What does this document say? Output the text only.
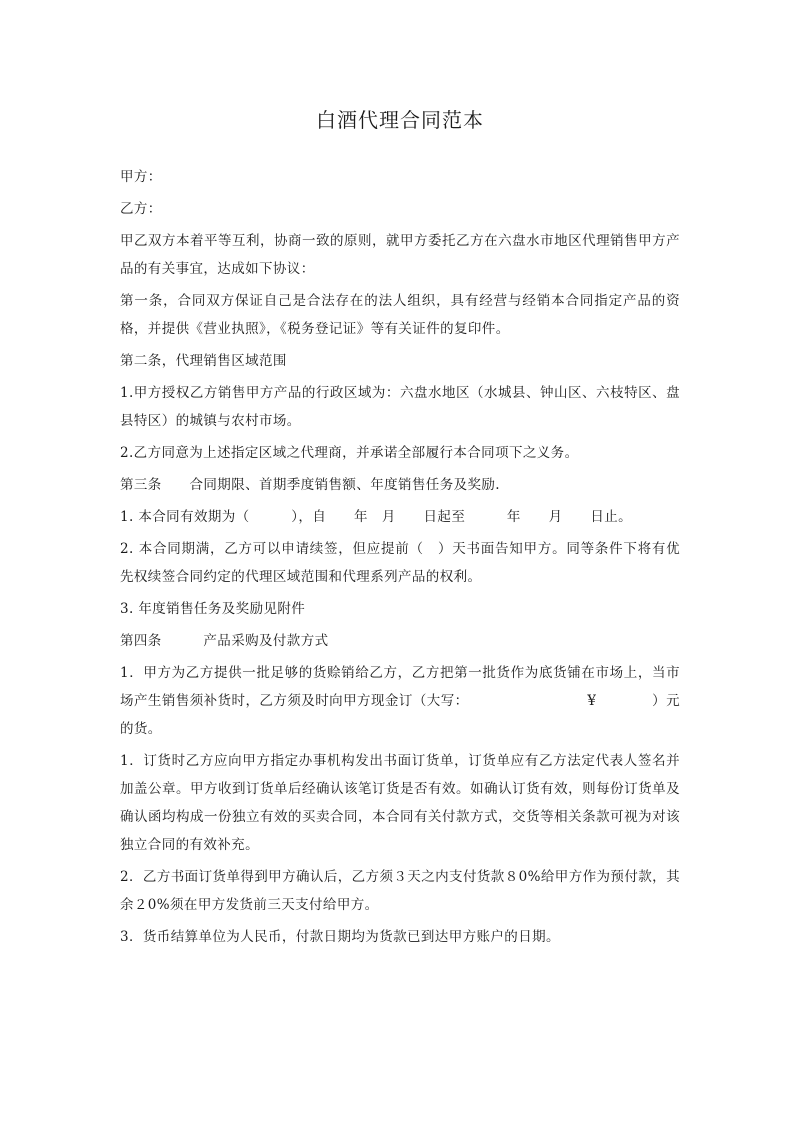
白酒代理合同范本

甲方：

乙方：

甲乙双方本着平等互利，协商一致的原则，就甲方委托乙方在六盘水市地区代理销售甲方产品的有关事宜，达成如下协议：

第一条，合同双方保证自己是合法存在的法人组织，具有经营与经销本合同指定产品的资格，并提供《营业执照》，《税务登记证》等有关证件的复印件。

第二条，代理销售区域范围

1.甲方授权乙方销售甲方产品的行政区域为：六盘水地区（水城县、钟山区、六枝特区、盘县特区）的城镇与农村市场。

2.乙方同意为上述指定区域之代理商，并承诺全部履行本合同项下之义务。

第三条　　合同期限、首期季度销售额、年度销售任务及奖励.

1. 本合同有效期为（　　　），自　　年　月　　日起至　　　年　　月　　日止。

2. 本合同期满，乙方可以申请续签，但应提前（　）天书面告知甲方。同等条件下将有优先权续签合同约定的代理区域范围和代理系列产品的权利。

3. 年度销售任务及奖励见附件

第四条　　　产品采购及付款方式

1．甲方为乙方提供一批足够的货赊销给乙方，乙方把第一批货作为底货铺在市场上，当市场产生销售须补货时，乙方须及时向甲方现金订（大写：　　　　　　　　　¥　　　　）元的货。

1．订货时乙方应向甲方指定办事机构发出书面订货单，订货单应有乙方法定代表人签名并加盖公章。甲方收到订货单后经确认该笔订货是否有效。如确认订货有效，则每份订货单及确认函均构成一份独立有效的买卖合同，本合同有关付款方式，交货等相关条款可视为对该独立合同的有效补充。

2．乙方书面订货单得到甲方确认后，乙方须３天之内支付货款８0%给甲方作为预付款，其余２0%须在甲方发货前三天支付给甲方。

3．货币结算单位为人民币，付款日期均为货款已到达甲方账户的日期。
